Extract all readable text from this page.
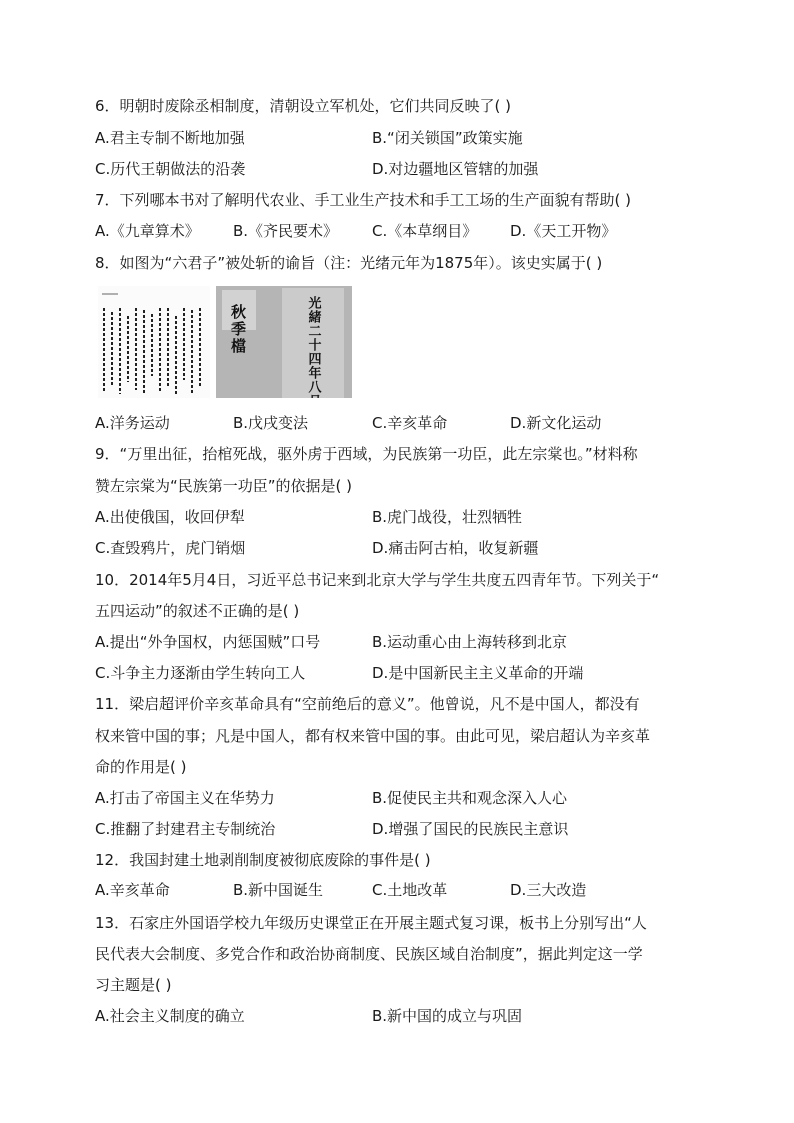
6．明朝时废除丞相制度，清朝设立军机处，它们共同反映了( )
A.君主专制不断地加强	B.“闭关锁国”政策实施
C.历代王朝做法的沿袭	D.对边疆地区管辖的加强
7．下列哪本书对了解明代农业、手工业生产技术和手工工场的生产面貌有帮助( )
A.《九章算术》 B.《齐民要术》 C.《本草纲目》 D.《天工开物》
8．如图为“六君子”被处斩的谕旨（注：光绪元年为1875年）。该史实属于( )
秋季檔	光緒二十四年八月分
A.洋务运动	B.戊戌变法	C.辛亥革命	D.新文化运动
9．“万里出征，抬棺死战，驱外虏于西域，为民族第一功臣，此左宗棠也。”材料称
赞左宗棠为“民族第一功臣”的依据是( )
A.出使俄国，收回伊犁	B.虎门战役，壮烈牺牲
C.查毁鸦片，虎门销烟	D.痛击阿古柏，收复新疆
10．2014年5月4日，习近平总书记来到北京大学与学生共度五四青年节。下列关于“
五四运动”的叙述不正确的是( )
A.提出“外争国权，内惩国贼”口号	B.运动重心由上海转移到北京
C.斗争主力逐渐由学生转向工人	D.是中国新民主主义革命的开端
11．梁启超评价辛亥革命具有“空前绝后的意义”。他曾说，凡不是中国人，都没有
权来管中国的事；凡是中国人，都有权来管中国的事。由此可见，梁启超认为辛亥革
命的作用是( )
A.打击了帝国主义在华势力	B.促使民主共和观念深入人心
C.推翻了封建君主专制统治	D.增强了国民的民族民主意识
12．我国封建土地剥削制度被彻底废除的事件是( )
A.辛亥革命	B.新中国诞生	C.土地改革	D.三大改造
13．石家庄外国语学校九年级历史课堂正在开展主题式复习课，板书上分别写出“人
民代表大会制度、多党合作和政治协商制度、民族区域自治制度”，据此判定这一学
习主题是( )
A.社会主义制度的确立	B.新中国的成立与巩固
